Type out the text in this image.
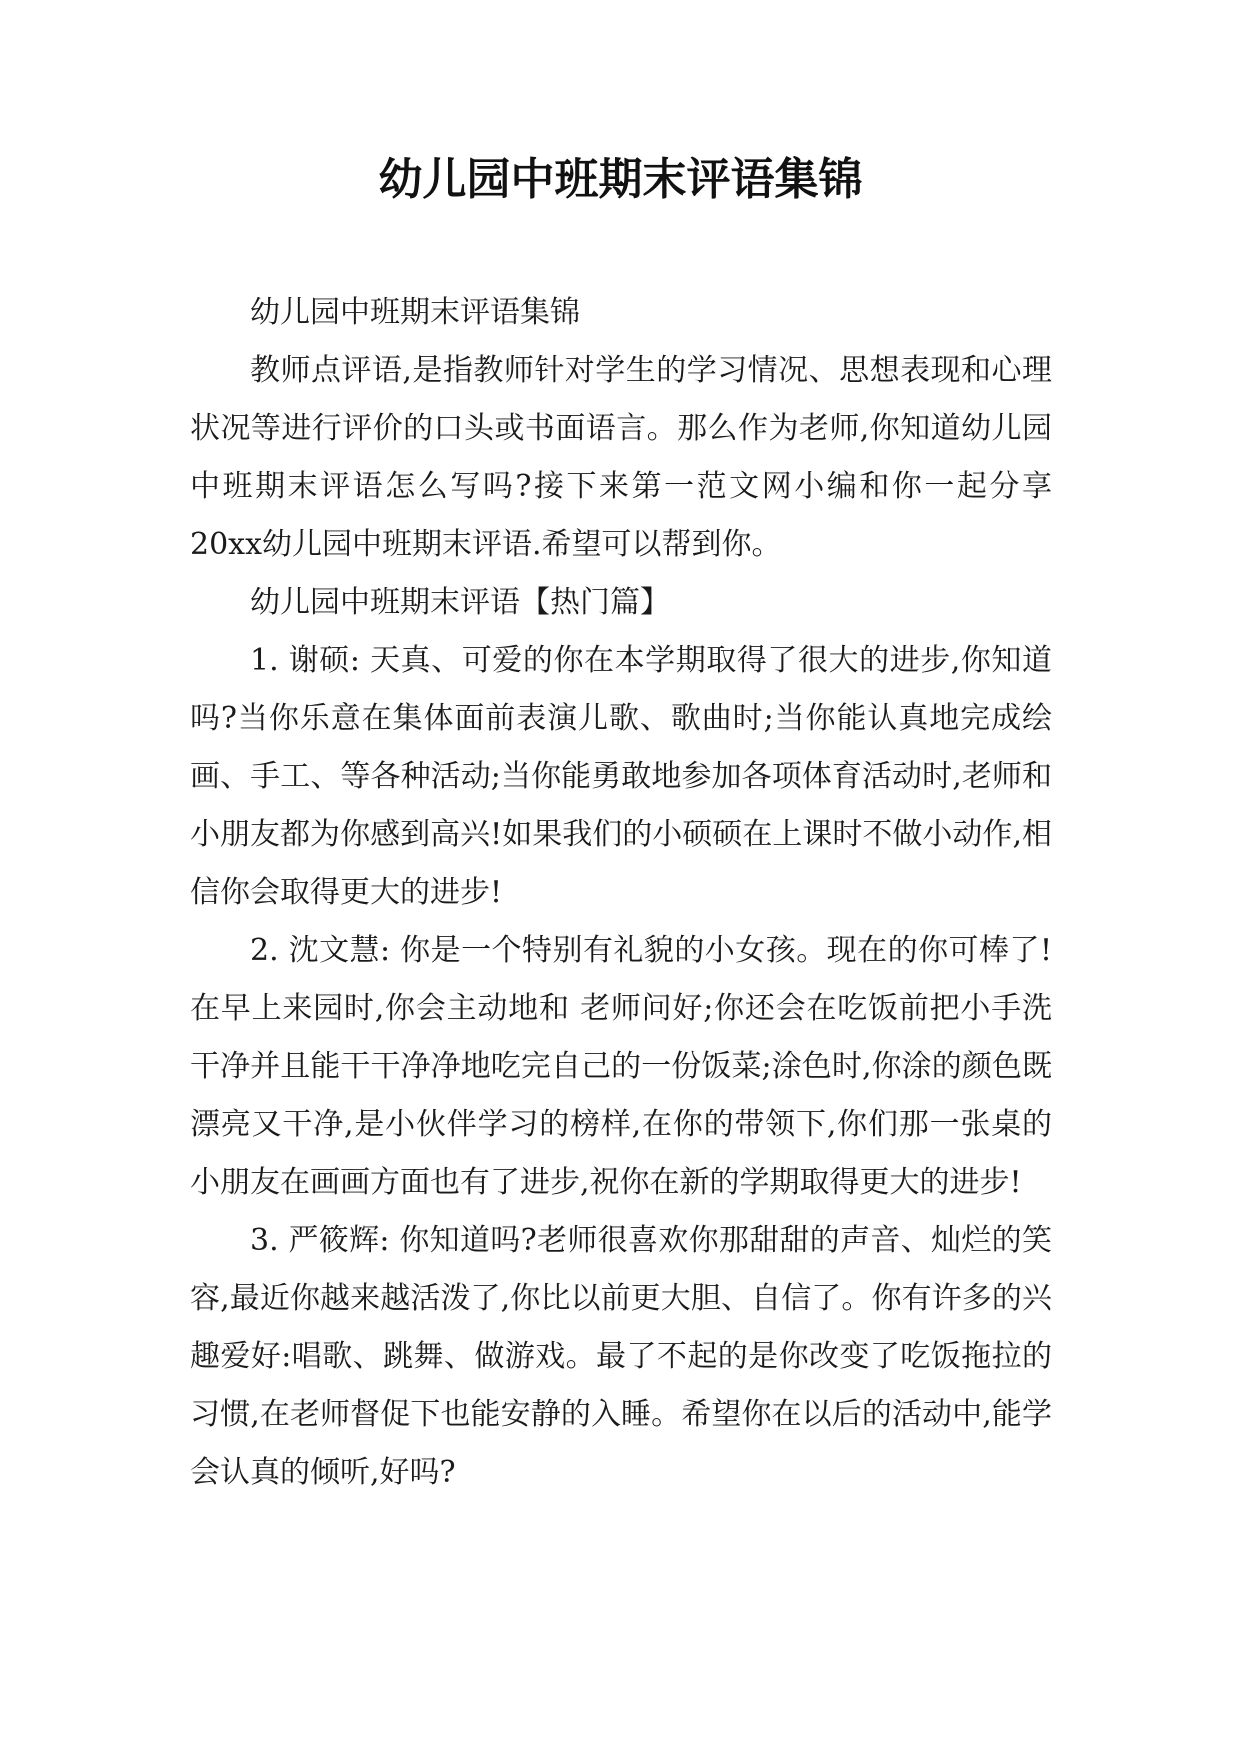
幼儿园中班期末评语集锦

幼儿园中班期末评语集锦

教师点评语,是指教师针对学生的学习情况、思想表现和心理状况等进行评价的口头或书面语言。那么作为老师,你知道幼儿园中班期末评语怎么写吗?接下来第一范文网小编和你一起分享20xx幼儿园中班期末评语.希望可以帮到你。

幼儿园中班期末评语【热门篇】

1. 谢硕: 天真、可爱的你在本学期取得了很大的进步,你知道吗?当你乐意在集体面前表演儿歌、歌曲时;当你能认真地完成绘画、手工、等各种活动;当你能勇敢地参加各项体育活动时,老师和小朋友都为你感到高兴!如果我们的小硕硕在上课时不做小动作,相信你会取得更大的进步!

2. 沈文慧: 你是一个特别有礼貌的小女孩。现在的你可棒了!在早上来园时,你会主动地和 老师问好;你还会在吃饭前把小手洗干净并且能干干净净地吃完自己的一份饭菜;涂色时,你涂的颜色既漂亮又干净,是小伙伴学习的榜样,在你的带领下,你们那一张桌的小朋友在画画方面也有了进步,祝你在新的学期取得更大的进步!

3. 严筱辉: 你知道吗?老师很喜欢你那甜甜的声音、灿烂的笑容,最近你越来越活泼了,你比以前更大胆、自信了。你有许多的兴趣爱好:唱歌、跳舞、做游戏。最了不起的是你改变了吃饭拖拉的习惯,在老师督促下也能安静的入睡。希望你在以后的活动中,能学会认真的倾听,好吗?
